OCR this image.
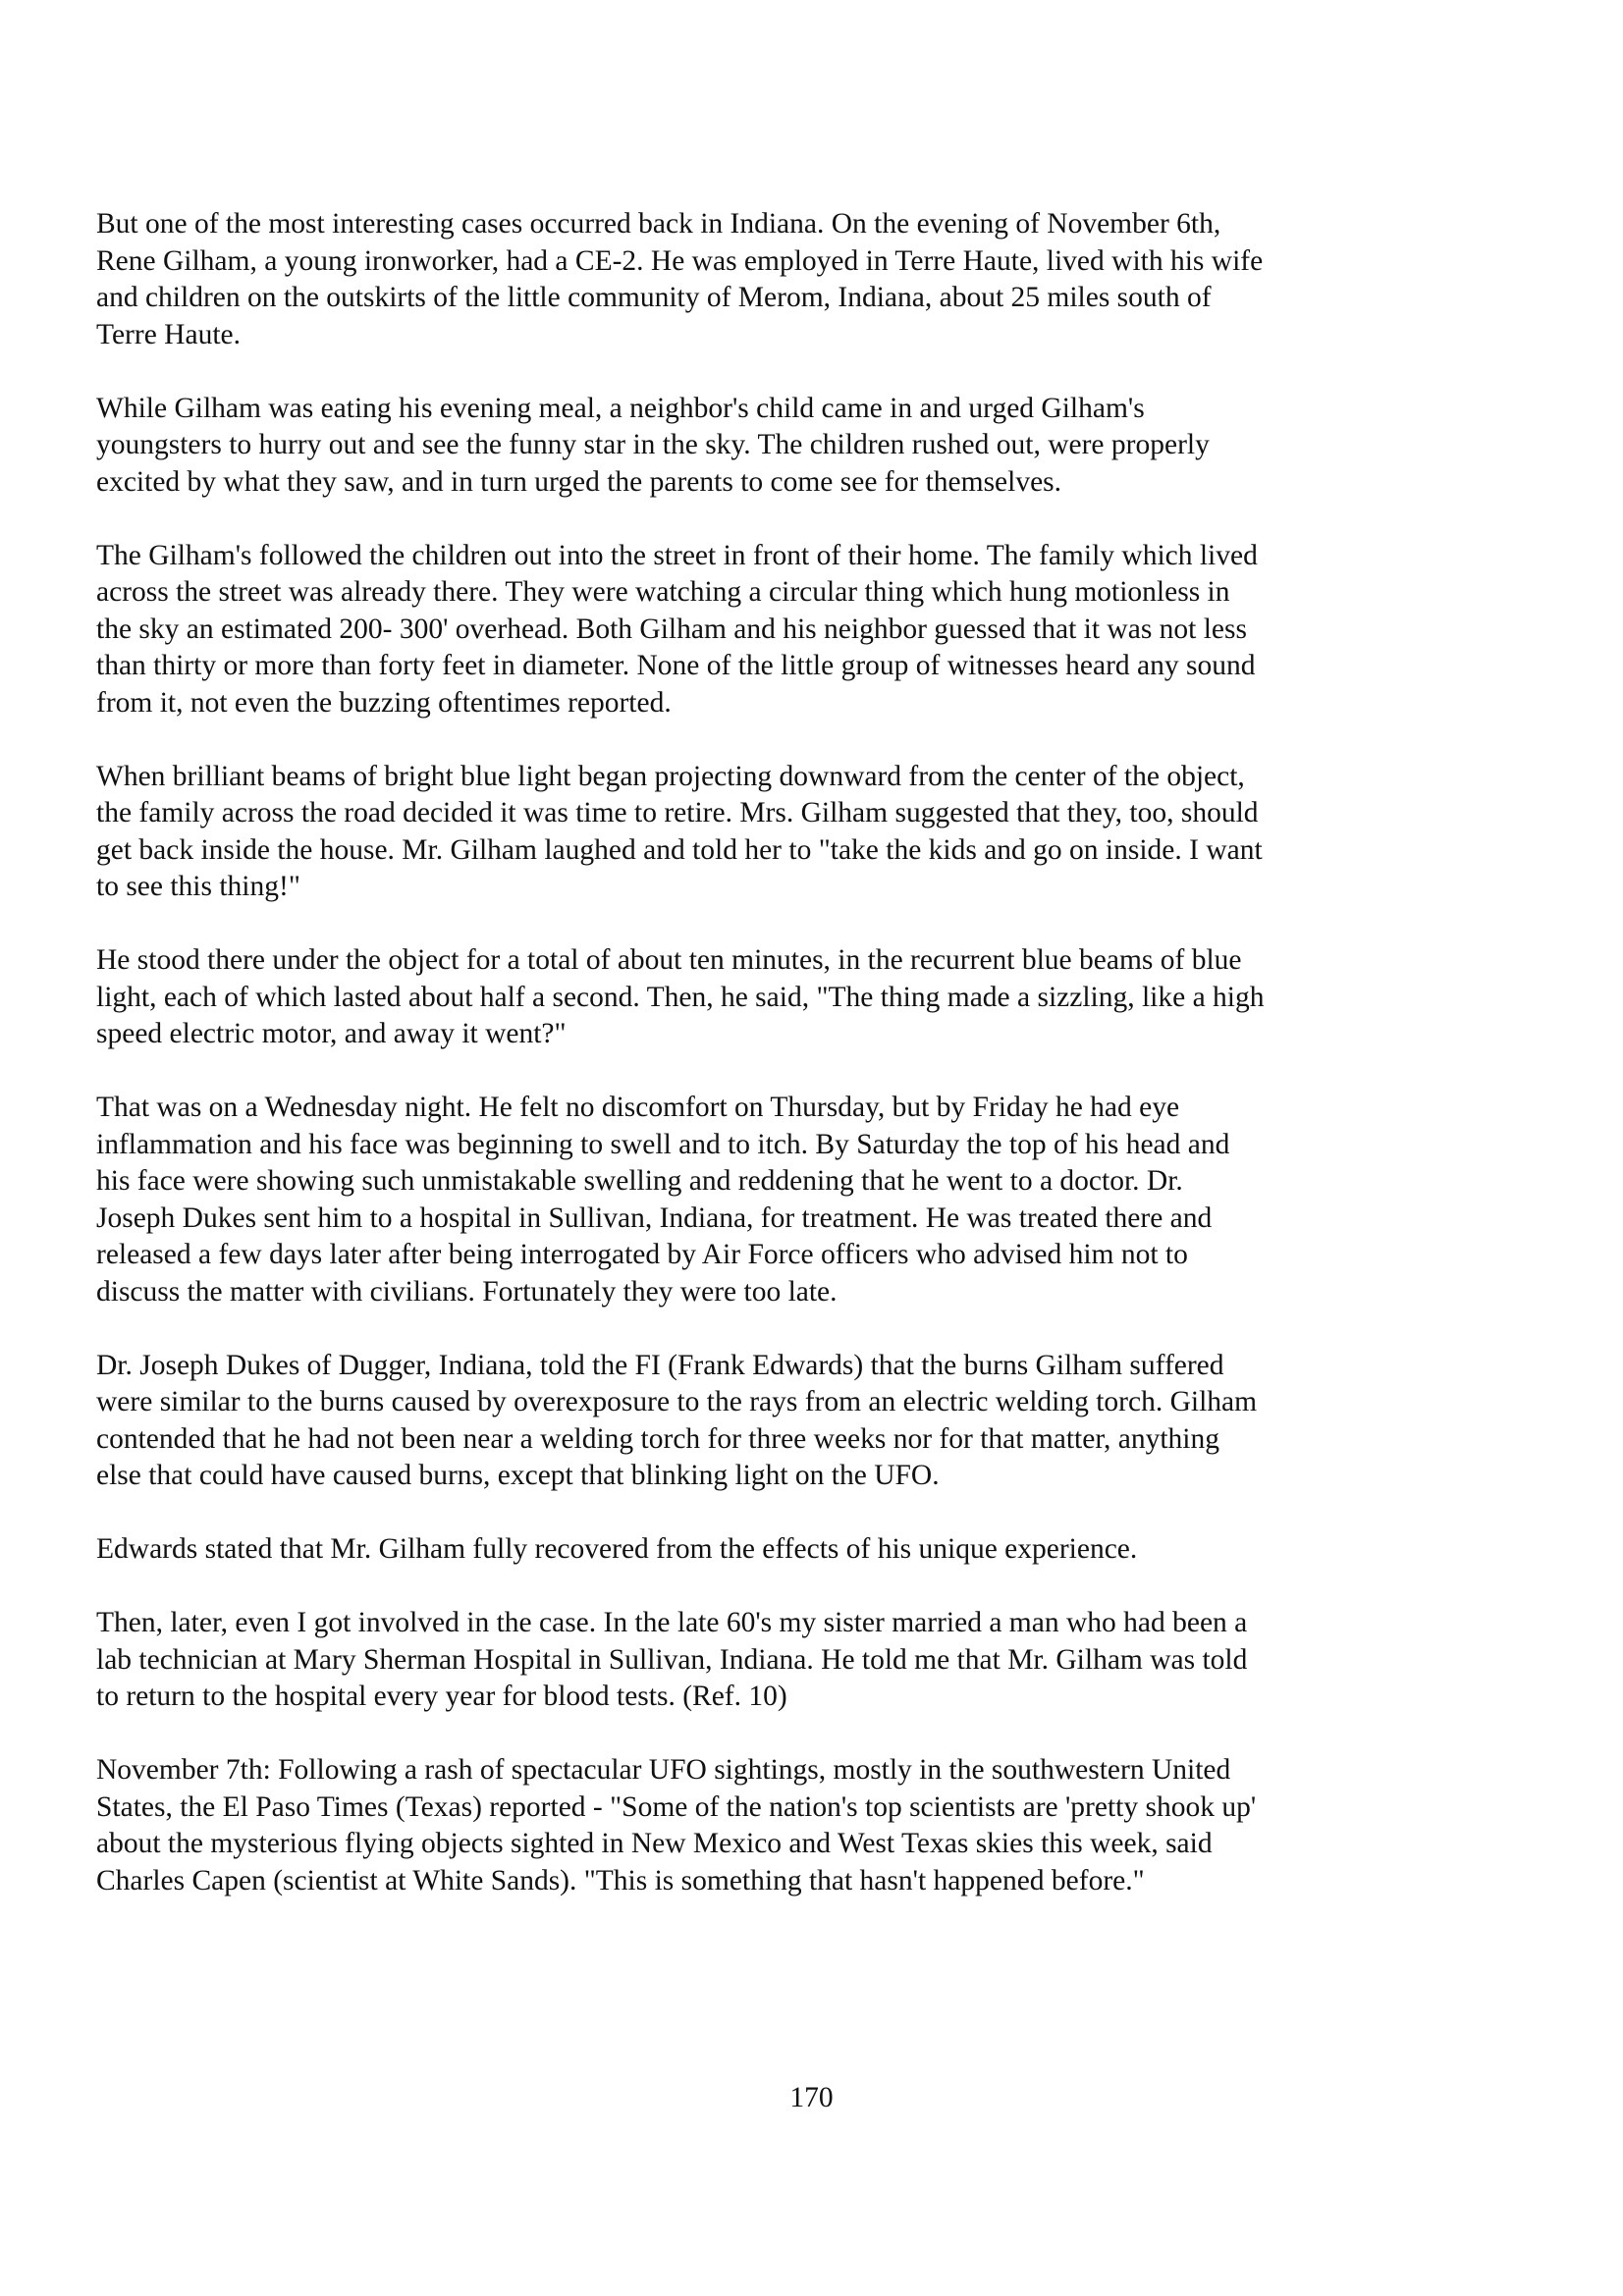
But one of the most interesting cases occurred back in Indiana. On the evening of November 6th,
Rene Gilham, a young ironworker, had a CE-2. He was employed in Terre Haute, lived with his wife
and children on the outskirts of the little community of Merom, Indiana, about 25 miles south of
Terre Haute.

While Gilham was eating his evening meal, a neighbor's child came in and urged Gilham's
youngsters to hurry out and see the funny star in the sky. The children rushed out, were properly
excited by what they saw, and in turn urged the parents to come see for themselves.

The Gilham's followed the children out into the street in front of their home. The family which lived
across the street was already there. They were watching a circular thing which hung motionless in
the sky an estimated 200- 300' overhead. Both Gilham and his neighbor guessed that it was not less
than thirty or more than forty feet in diameter. None of the little group of witnesses heard any sound
from it, not even the buzzing oftentimes reported.

When brilliant beams of bright blue light began projecting downward from the center of the object,
the family across the road decided it was time to retire. Mrs. Gilham suggested that they, too, should
get back inside the house. Mr. Gilham laughed and told her to "take the kids and go on inside. I want
to see this thing!"

He stood there under the object for a total of about ten minutes, in the recurrent blue beams of blue
light, each of which lasted about half a second. Then, he said, "The thing made a sizzling, like a high
speed electric motor, and away it went?"

That was on a Wednesday night. He felt no discomfort on Thursday, but by Friday he had eye
inflammation and his face was beginning to swell and to itch. By Saturday the top of his head and
his face were showing such unmistakable swelling and reddening that he went to a doctor. Dr.
Joseph Dukes sent him to a hospital in Sullivan, Indiana, for treatment. He was treated there and
released a few days later after being interrogated by Air Force officers who advised him not to
discuss the matter with civilians. Fortunately they were too late.

Dr. Joseph Dukes of Dugger, Indiana, told the FI (Frank Edwards) that the burns Gilham suffered
were similar to the burns caused by overexposure to the rays from an electric welding torch. Gilham
contended that he had not been near a welding torch for three weeks nor for that matter, anything
else that could have caused burns, except that blinking light on the UFO.

Edwards stated that Mr. Gilham fully recovered from the effects of his unique experience.

Then, later, even I got involved in the case. In the late 60's my sister married a man who had been a
lab technician at Mary Sherman Hospital in Sullivan, Indiana. He told me that Mr. Gilham was told
to return to the hospital every year for blood tests. (Ref. 10)

November 7th: Following a rash of spectacular UFO sightings, mostly in the southwestern United
States, the El Paso Times (Texas) reported - "Some of the nation's top scientists are 'pretty shook up'
about the mysterious flying objects sighted in New Mexico and West Texas skies this week, said
Charles Capen (scientist at White Sands). "This is something that hasn't happened before."

170
